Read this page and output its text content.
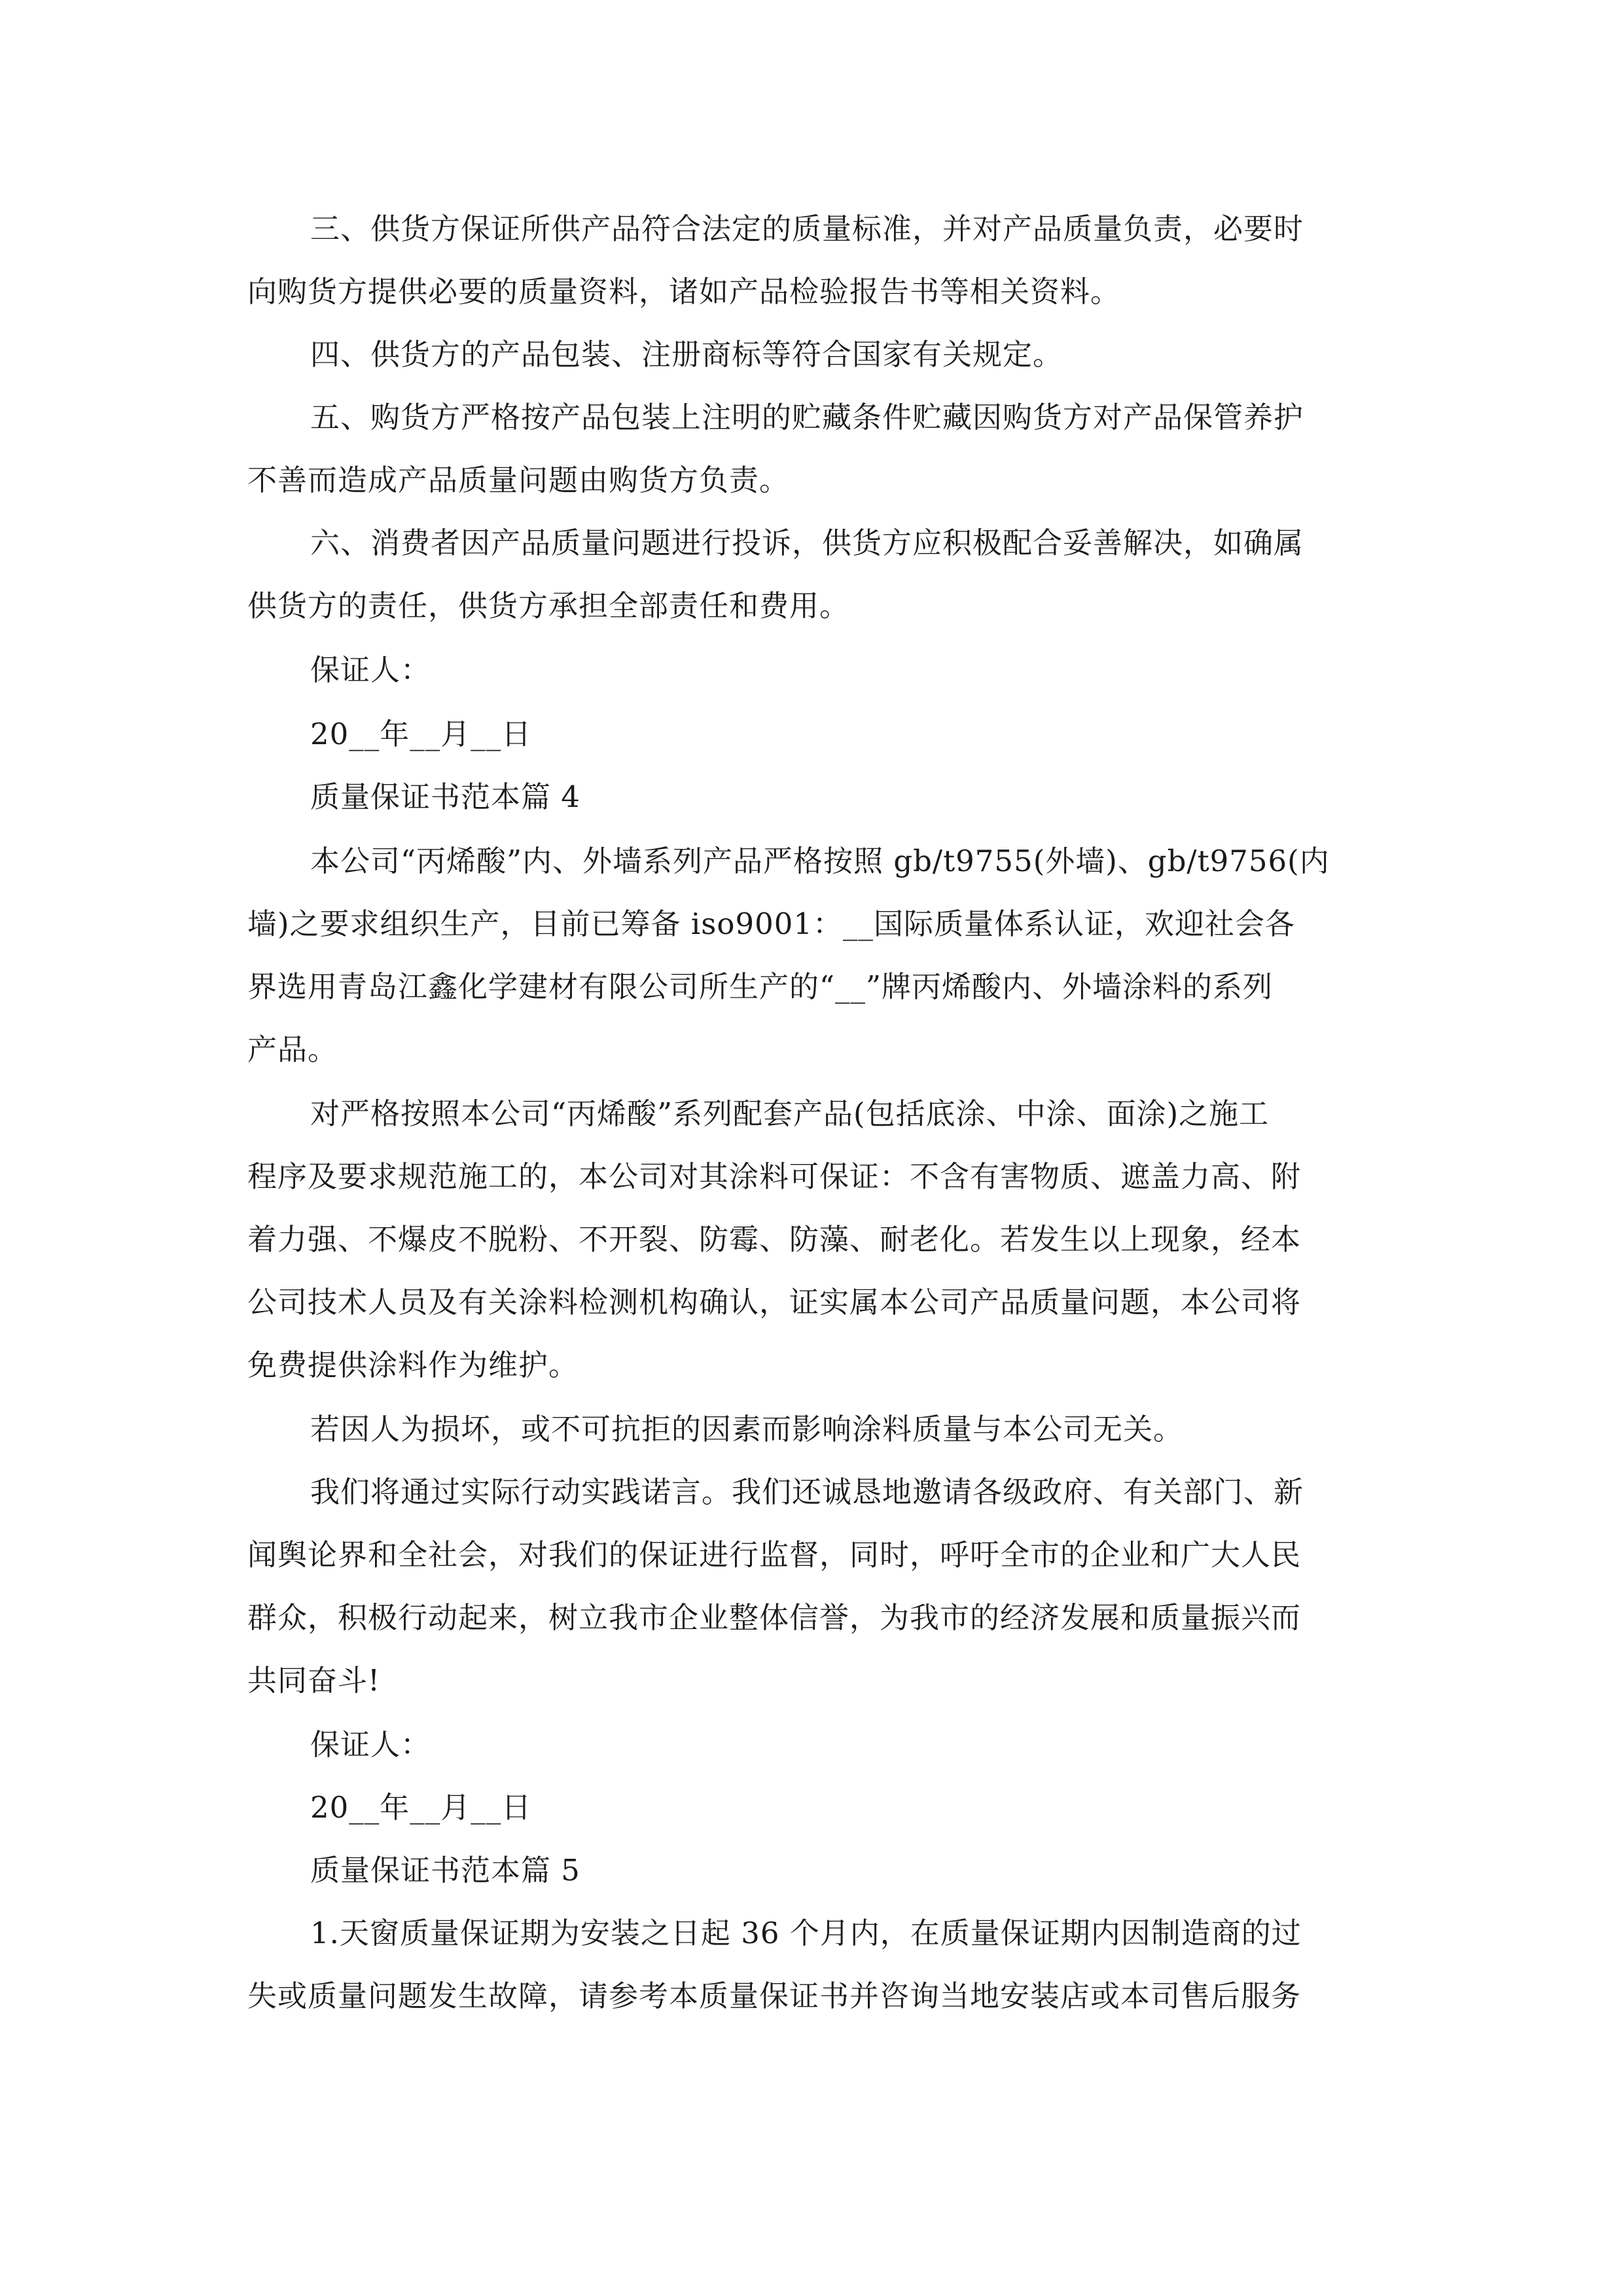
三、供货方保证所供产品符合法定的质量标准，并对产品质量负责，必要时
向购货方提供必要的质量资料，诸如产品检验报告书等相关资料。
四、供货方的产品包装、注册商标等符合国家有关规定。
五、购货方严格按产品包装上注明的贮藏条件贮藏因购货方对产品保管养护
不善而造成产品质量问题由购货方负责。
六、消费者因产品质量问题进行投诉，供货方应积极配合妥善解决，如确属
供货方的责任，供货方承担全部责任和费用。
保证人：
20__年__月__日
质量保证书范本篇 4
本公司“丙烯酸”内、外墙系列产品严格按照 gb/t9755(外墙)、gb/t9756(内
墙)之要求组织生产，目前已筹备 iso9001：__国际质量体系认证，欢迎社会各
界选用青岛江鑫化学建材有限公司所生产的“__”牌丙烯酸内、外墙涂料的系列
产品。
对严格按照本公司“丙烯酸”系列配套产品(包括底涂、中涂、面涂)之施工
程序及要求规范施工的，本公司对其涂料可保证：不含有害物质、遮盖力高、附
着力强、不爆皮不脱粉、不开裂、防霉、防藻、耐老化。若发生以上现象，经本
公司技术人员及有关涂料检测机构确认，证实属本公司产品质量问题，本公司将
免费提供涂料作为维护。
若因人为损坏，或不可抗拒的因素而影响涂料质量与本公司无关。
我们将通过实际行动实践诺言。我们还诚恳地邀请各级政府、有关部门、新
闻舆论界和全社会，对我们的保证进行监督，同时，呼吁全市的企业和广大人民
群众，积极行动起来，树立我市企业整体信誉，为我市的经济发展和质量振兴而
共同奋斗!
保证人：
20__年__月__日
质量保证书范本篇 5
1.天窗质量保证期为安装之日起 36 个月内，在质量保证期内因制造商的过
失或质量问题发生故障，请参考本质量保证书并咨询当地安装店或本司售后服务
